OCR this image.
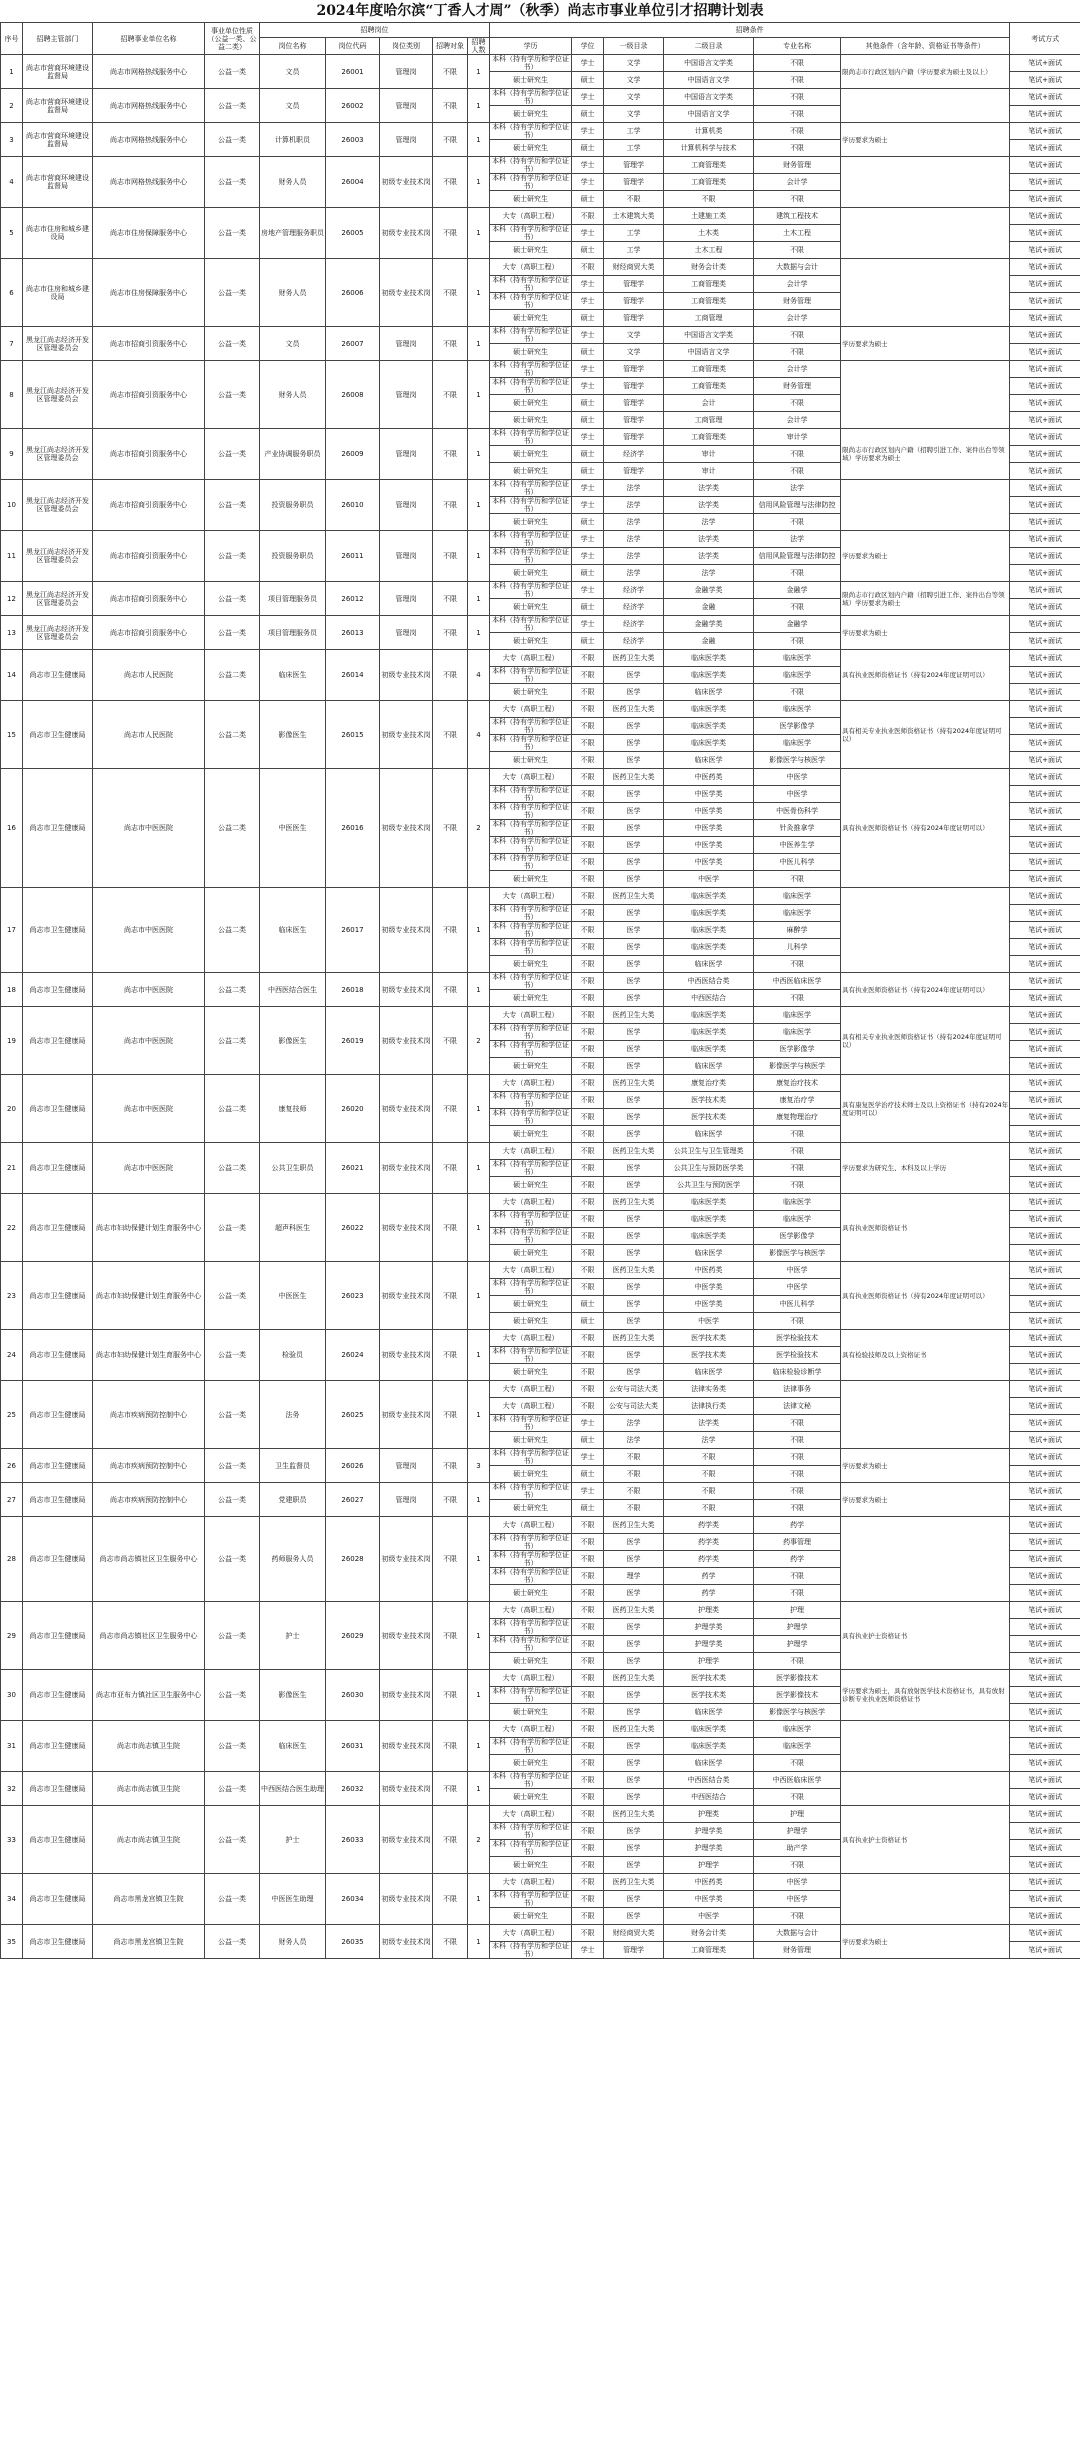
2024年度哈尔滨“丁香人才周”（秋季）尚志市事业单位引才招聘计划表
序号	招聘主管部门	招聘事业单位名称	事业单位性质（公益一类、公益二类）	招聘岗位					招聘条件						考试方式
				岗位名称	岗位代码	岗位类别	招聘对象	招聘人数	学历	学位	一级目录	二级目录	专业名称	其他条件（含年龄、资格证书等条件）	
1	尚志市营商环境建设监督局	尚志市网格热线服务中心	公益一类	文员	26001	管理岗	不限	1	本科（持有学历和学位证书）	学士	文学	中国语言文学类	不限	限尚志市行政区划内户籍（学历要求为硕士及以上）	笔试+面试
									硕士研究生	硕士	文学	中国语言文学	不限		笔试+面试
2	尚志市营商环境建设监督局	尚志市网格热线服务中心	公益一类	文员	26002	管理岗	不限	1	本科（持有学历和学位证书）	学士	文学	中国语言文学类	不限		笔试+面试
									硕士研究生	硕士	文学	中国语言文学	不限		笔试+面试
3	尚志市营商环境建设监督局	尚志市网格热线服务中心	公益一类	计算机职员	26003	管理岗	不限	1	本科（持有学历和学位证书）	学士	工学	计算机类	不限	学历要求为硕士	笔试+面试
									硕士研究生	硕士	工学	计算机科学与技术	不限		笔试+面试
4	尚志市营商环境建设监督局	尚志市网格热线服务中心	公益一类	财务人员	26004	初级专业技术岗	不限	1	本科（持有学历和学位证书）	学士	管理学	工商管理类	财务管理		笔试+面试
									本科（持有学历和学位证书）	学士	管理学	工商管理类	会计学		笔试+面试
									硕士研究生	硕士	不限	不限	不限		笔试+面试
5	尚志市住房和城乡建设局	尚志市住房保障服务中心	公益一类	房地产管理服务职员	26005	初级专业技术岗	不限	1	大专（高职工程）	不限	土木建筑大类	土建施工类	建筑工程技术		笔试+面试
									本科（持有学历和学位证书）	学士	工学	土木类	土木工程		笔试+面试
									硕士研究生	硕士	工学	土木工程	不限		笔试+面试
6	尚志市住房和城乡建设局	尚志市住房保障服务中心	公益一类	财务人员	26006	初级专业技术岗	不限	1	大专（高职工程）	不限	财经商贸大类	财务会计类	大数据与会计		笔试+面试
									本科（持有学历和学位证书）	学士	管理学	工商管理类	会计学		笔试+面试
									本科（持有学历和学位证书）	学士	管理学	工商管理类	财务管理		笔试+面试
									硕士研究生	硕士	管理学	工商管理	会计学		笔试+面试
7	黑龙江尚志经济开发区管理委员会	尚志市招商引资服务中心	公益一类	文员	26007	管理岗	不限	1	本科（持有学历和学位证书）	学士	文学	中国语言文学类	不限	学历要求为硕士	笔试+面试
									硕士研究生	硕士	文学	中国语言文学	不限		笔试+面试
8	黑龙江尚志经济开发区管理委员会	尚志市招商引资服务中心	公益一类	财务人员	26008	管理岗	不限	1	本科（持有学历和学位证书）	学士	管理学	工商管理类	会计学		笔试+面试
									本科（持有学历和学位证书）	学士	管理学	工商管理类	财务管理		笔试+面试
									硕士研究生	硕士	管理学	会计	不限		笔试+面试
									硕士研究生	硕士	管理学	工商管理	会计学		笔试+面试
9	黑龙江尚志经济开发区管理委员会	尚志市招商引资服务中心	公益一类	产业协调服务职员	26009	管理岗	不限	1	本科（持有学历和学位证书）	学士	管理学	工商管理类	审计学	限尚志市行政区划内户籍（招聘引进工作、案件出台等领域）学历要求为硕士	笔试+面试
									硕士研究生	硕士	经济学	审计	不限		笔试+面试
									硕士研究生	硕士	管理学	审计	不限		笔试+面试
10	黑龙江尚志经济开发区管理委员会	尚志市招商引资服务中心	公益一类	投资服务职员	26010	管理岗	不限	1	本科（持有学历和学位证书）	学士	法学	法学类	法学		笔试+面试
									本科（持有学历和学位证书）	学士	法学	法学类	信用风险管理与法律防控		笔试+面试
									硕士研究生	硕士	法学	法学	不限		笔试+面试
11	黑龙江尚志经济开发区管理委员会	尚志市招商引资服务中心	公益一类	投资服务职员	26011	管理岗	不限	1	本科（持有学历和学位证书）	学士	法学	法学类	法学	学历要求为硕士	笔试+面试
									本科（持有学历和学位证书）	学士	法学	法学类	信用风险管理与法律防控		笔试+面试
									硕士研究生	硕士	法学	法学	不限		笔试+面试
12	黑龙江尚志经济开发区管理委员会	尚志市招商引资服务中心	公益一类	项目管理服务员	26012	管理岗	不限	1	本科（持有学历和学位证书）	学士	经济学	金融学类	金融学	限尚志市行政区划内户籍（招聘引进工作、案件出台等领域）学历要求为硕士	笔试+面试
									硕士研究生	硕士	经济学	金融	不限		笔试+面试
13	黑龙江尚志经济开发区管理委员会	尚志市招商引资服务中心	公益一类	项目管理服务员	26013	管理岗	不限	1	本科（持有学历和学位证书）	学士	经济学	金融学类	金融学	学历要求为硕士	笔试+面试
									硕士研究生	硕士	经济学	金融	不限		笔试+面试
14	尚志市卫生健康局	尚志市人民医院	公益二类	临床医生	26014	初级专业技术岗	不限	4	大专（高职工程）	不限	医药卫生大类	临床医学类	临床医学	具有执业医师资格证书（持有2024年度证明可以）	笔试+面试
									本科（持有学历和学位证书）	不限	医学	临床医学类	临床医学		笔试+面试
									硕士研究生	不限	医学	临床医学	不限		笔试+面试
15	尚志市卫生健康局	尚志市人民医院	公益二类	影像医生	26015	初级专业技术岗	不限	4	大专（高职工程）	不限	医药卫生大类	临床医学类	临床医学	具有相关专业执业医师资格证书（持有2024年度证明可以）	笔试+面试
									本科（持有学历和学位证书）	不限	医学	临床医学类	医学影像学		笔试+面试
									本科（持有学历和学位证书）	不限	医学	临床医学类	临床医学		笔试+面试
									硕士研究生	不限	医学	临床医学	影像医学与核医学		笔试+面试
16	尚志市卫生健康局	尚志市中医医院	公益二类	中医医生	26016	初级专业技术岗	不限	2	大专（高职工程）	不限	医药卫生大类	中医药类	中医学	具有执业医师资格证书（持有2024年度证明可以）	笔试+面试
									本科（持有学历和学位证书）	不限	医学	中医学类	中医学		笔试+面试
									本科（持有学历和学位证书）	不限	医学	中医学类	中医骨伤科学		笔试+面试
									本科（持有学历和学位证书）	不限	医学	中医学类	针灸推拿学		笔试+面试
									本科（持有学历和学位证书）	不限	医学	中医学类	中医养生学		笔试+面试
									本科（持有学历和学位证书）	不限	医学	中医学类	中医儿科学		笔试+面试
									硕士研究生	不限	医学	中医学	不限		笔试+面试
17	尚志市卫生健康局	尚志市中医医院	公益二类	临床医生	26017	初级专业技术岗	不限	1	大专（高职工程）	不限	医药卫生大类	临床医学类	临床医学		笔试+面试
									本科（持有学历和学位证书）	不限	医学	临床医学类	临床医学		笔试+面试
									本科（持有学历和学位证书）	不限	医学	临床医学类	麻醉学		笔试+面试
									本科（持有学历和学位证书）	不限	医学	临床医学类	儿科学		笔试+面试
									硕士研究生	不限	医学	临床医学	不限		笔试+面试
18	尚志市卫生健康局	尚志市中医医院	公益二类	中西医结合医生	26018	初级专业技术岗	不限	1	本科（持有学历和学位证书）	不限	医学	中西医结合类	中西医临床医学	具有执业医师资格证书（持有2024年度证明可以）	笔试+面试
									硕士研究生	不限	医学	中西医结合	不限		笔试+面试
19	尚志市卫生健康局	尚志市中医医院	公益二类	影像医生	26019	初级专业技术岗	不限	2	大专（高职工程）	不限	医药卫生大类	临床医学类	临床医学	具有相关专业执业医师资格证书（持有2024年度证明可以）	笔试+面试
									本科（持有学历和学位证书）	不限	医学	临床医学类	临床医学		笔试+面试
									本科（持有学历和学位证书）	不限	医学	临床医学类	医学影像学		笔试+面试
									硕士研究生	不限	医学	临床医学	影像医学与核医学		笔试+面试
20	尚志市卫生健康局	尚志市中医医院	公益二类	康复技师	26020	初级专业技术岗	不限	1	大专（高职工程）	不限	医药卫生大类	康复治疗类	康复治疗技术	具有康复医学治疗技术师士及以上资格证书（持有2024年度证明可以）	笔试+面试
									本科（持有学历和学位证书）	不限	医学	医学技术类	康复治疗学		笔试+面试
									本科（持有学历和学位证书）	不限	医学	医学技术类	康复物理治疗		笔试+面试
									硕士研究生	不限	医学	临床医学	不限		笔试+面试
21	尚志市卫生健康局	尚志市中医医院	公益二类	公共卫生职员	26021	初级专业技术岗	不限	1	大专（高职工程）	不限	医药卫生大类	公共卫生与卫生管理类	不限	学历要求为研究生、本科及以上学历	笔试+面试
									本科（持有学历和学位证书）	不限	医学	公共卫生与预防医学类	不限		笔试+面试
									硕士研究生	不限	医学	公共卫生与预防医学	不限		笔试+面试
22	尚志市卫生健康局	尚志市妇幼保健计划生育服务中心	公益一类	超声科医生	26022	初级专业技术岗	不限	1	大专（高职工程）	不限	医药卫生大类	临床医学类	临床医学	具有执业医师资格证书	笔试+面试
									本科（持有学历和学位证书）	不限	医学	临床医学类	临床医学		笔试+面试
									本科（持有学历和学位证书）	不限	医学	临床医学类	医学影像学		笔试+面试
									硕士研究生	不限	医学	临床医学	影像医学与核医学		笔试+面试
23	尚志市卫生健康局	尚志市妇幼保健计划生育服务中心	公益一类	中医医生	26023	初级专业技术岗	不限	1	大专（高职工程）	不限	医药卫生大类	中医药类	中医学	具有执业医师资格证书（持有2024年度证明可以）	笔试+面试
									本科（持有学历和学位证书）	不限	医学	中医学类	中医学		笔试+面试
									硕士研究生	硕士	医学	中医学类	中医儿科学		笔试+面试
									硕士研究生	硕士	医学	中医学	不限		笔试+面试
24	尚志市卫生健康局	尚志市妇幼保健计划生育服务中心	公益一类	检验员	26024	初级专业技术岗	不限	1	大专（高职工程）	不限	医药卫生大类	医学技术类	医学检验技术	具有检验技师及以上资格证书	笔试+面试
									本科（持有学历和学位证书）	不限	医学	医学技术类	医学检验技术		笔试+面试
									硕士研究生	不限	医学	临床医学	临床检验诊断学		笔试+面试
25	尚志市卫生健康局	尚志市疾病预防控制中心	公益一类	法务	26025	初级专业技术岗	不限	1	大专（高职工程）	不限	公安与司法大类	法律实务类	法律事务		笔试+面试
									大专（高职工程）	不限	公安与司法大类	法律执行类	法律文秘		笔试+面试
									本科（持有学历和学位证书）	学士	法学	法学类	不限		笔试+面试
									硕士研究生	硕士	法学	法学	不限		笔试+面试
26	尚志市卫生健康局	尚志市疾病预防控制中心	公益一类	卫生监督员	26026	管理岗	不限	3	本科（持有学历和学位证书）	学士	不限	不限	不限	学历要求为硕士	笔试+面试
									硕士研究生	硕士	不限	不限	不限		笔试+面试
27	尚志市卫生健康局	尚志市疾病预防控制中心	公益一类	党建职员	26027	管理岗	不限	1	本科（持有学历和学位证书）	学士	不限	不限	不限	学历要求为硕士	笔试+面试
									硕士研究生	硕士	不限	不限	不限		笔试+面试
28	尚志市卫生健康局	尚志市尚志镇社区卫生服务中心	公益一类	药师服务人员	26028	初级专业技术岗	不限	1	大专（高职工程）	不限	医药卫生大类	药学类	药学		笔试+面试
									本科（持有学历和学位证书）	不限	医学	药学类	药事管理		笔试+面试
									本科（持有学历和学位证书）	不限	医学	药学类	药学		笔试+面试
									本科（持有学历和学位证书）	不限	理学	药学	不限		笔试+面试
									硕士研究生	不限	医学	药学	不限		笔试+面试
29	尚志市卫生健康局	尚志市尚志镇社区卫生服务中心	公益一类	护士	26029	初级专业技术岗	不限	1	大专（高职工程）	不限	医药卫生大类	护理类	护理	具有执业护士资格证书	笔试+面试
									本科（持有学历和学位证书）	不限	医学	护理学类	护理学		笔试+面试
									本科（持有学历和学位证书）	不限	医学	护理学类	护理学		笔试+面试
									硕士研究生	不限	医学	护理学	不限		笔试+面试
30	尚志市卫生健康局	尚志市亚布力镇社区卫生服务中心	公益一类	影像医生	26030	初级专业技术岗	不限	1	大专（高职工程）	不限	医药卫生大类	医学技术类	医学影像技术	学历要求为硕士，具有放射医学技术资格证书，具有放射诊断专业执业医师资格证书	笔试+面试
									本科（持有学历和学位证书）	不限	医学	医学技术类	医学影像技术		笔试+面试
									硕士研究生	不限	医学	临床医学	影像医学与核医学		笔试+面试
31	尚志市卫生健康局	尚志市尚志镇卫生院	公益一类	临床医生	26031	初级专业技术岗	不限	1	大专（高职工程）	不限	医药卫生大类	临床医学类	临床医学		笔试+面试
									本科（持有学历和学位证书）	不限	医学	临床医学类	临床医学		笔试+面试
									硕士研究生	不限	医学	临床医学	不限		笔试+面试
32	尚志市卫生健康局	尚志市尚志镇卫生院	公益一类	中西医结合医生助理	26032	初级专业技术岗	不限	1	本科（持有学历和学位证书）	不限	医学	中西医结合类	中西医临床医学		笔试+面试
									硕士研究生	不限	医学	中西医结合	不限		笔试+面试
33	尚志市卫生健康局	尚志市尚志镇卫生院	公益一类	护士	26033	初级专业技术岗	不限	2	大专（高职工程）	不限	医药卫生大类	护理类	护理	具有执业护士资格证书	笔试+面试
									本科（持有学历和学位证书）	不限	医学	护理学类	护理学		笔试+面试
									本科（持有学历和学位证书）	不限	医学	护理学类	助产学		笔试+面试
									硕士研究生	不限	医学	护理学	不限		笔试+面试
34	尚志市卫生健康局	尚志市黑龙宫镇卫生院	公益一类	中医医生助理	26034	初级专业技术岗	不限	1	大专（高职工程）	不限	医药卫生大类	中医药类	中医学		笔试+面试
									本科（持有学历和学位证书）	不限	医学	中医学类	中医学		笔试+面试
									硕士研究生	不限	医学	中医学	不限		笔试+面试
35	尚志市卫生健康局	尚志市黑龙宫镇卫生院	公益一类	财务人员	26035	初级专业技术岗	不限	1	大专（高职工程）	不限	财经商贸大类	财务会计类	大数据与会计	学历要求为硕士	笔试+面试
									本科（持有学历和学位证书）	学士	管理学	工商管理类	财务管理		笔试+面试
